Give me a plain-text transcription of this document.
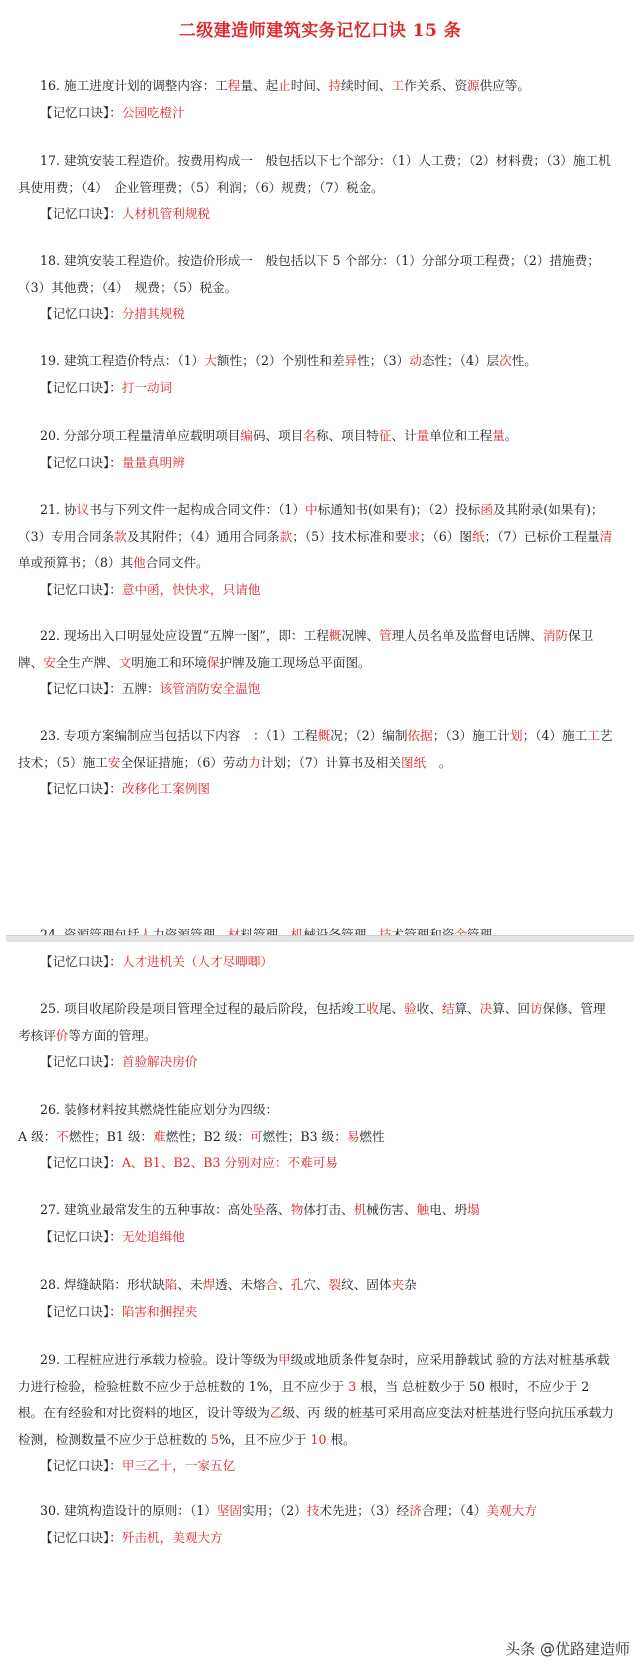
二级建造师建筑实务记忆口诀 15 条

16. 施工进度计划的调整内容：工程量、起止时间、持续时间、工作关系、资源供应等。

【记忆口诀】：公园吃橙汁

17. 建筑安装工程造价。按费用构成一　般包括以下七个部分：（1）人工费；（2）材料费；（3）施工机具使用费；（4）　企业管理费；（5）利润；（6）规费；（7）税金。

【记忆口诀】：人材机管利规税

18. 建筑安装工程造价。按造价形成一　般包括以下 5 个部分：（1）分部分项工程费；（2）措施费；（3）其他费；（4）　规费；（5）税金。

【记忆口诀】：分措其规税

19. 建筑工程造价特点：（1）大额性；（2）个别性和差异性；（3）动态性；（4）层次性。

【记忆口诀】：打一动词

20. 分部分项工程量清单应载明项目编码、项目名称、项目特征、计量单位和工程量。

【记忆口诀】：量量真明辨

21. 协议书与下列文件一起构成合同文件：（1）中标通知书(如果有)；（2）投标函及其附录(如果有)；（3）专用合同条款及其附件；（4）通用合同条款；（5）技术标准和要求；（6）图纸；（7）已标价工程量清单或预算书；（8）其他合同文件。

【记忆口诀】：意中函，快快求，只请他

22. 现场出入口明显处应设置“五牌一图”，即：工程概况牌、管理人员名单及监督电话牌、消防保卫牌、安全生产牌、文明施工和环境保护牌及施工现场总平面图。

【记忆口诀】：五牌：该管消防安全温饱

23. 专项方案编制应当包括以下内容　：（1）工程概况；（2）编制依据；（3）施工计划；（4）施工工艺技术；（5）施工安全保证措施；（6）劳动力计划；（7）计算书及相关图纸　。

【记忆口诀】：改移化工案例图

【记忆口诀】：人才进机关（人才尽唧唧）

25. 项目收尾阶段是项目管理全过程的最后阶段，包括竣工收尾、验收、结算、决算、回访保修、管理考核评价等方面的管理。

【记忆口诀】：首验解决房价

26. 装修材料按其燃烧性能应划分为四级：

A 级：不燃性；B1 级：难燃性；B2 级：可燃性；B3 级：易燃性

【记忆口诀】：A、B1、B2、B3 分别对应：不难可易

27. 建筑业最常发生的五种事故：高处坠落、物体打击、机械伤害、触电、坍塌

【记忆口诀】：无处追缉他

28. 焊缝缺陷：形状缺陷、未焊透、未熔合、孔穴、裂纹、固体夹杂

【记忆口诀】：陷害和捆捏夹

29. 工程桩应进行承载力检验。设计等级为甲级或地质条件复杂时，应采用静载试 验的方法对桩基承载力进行检验，检验桩数不应少于总桩数的 1%，且不应少于 3 根，当 总桩数少于 50 根时，不应少于 2 根。在有经验和对比资料的地区，设计等级为乙级、丙 级的桩基可采用高应变法对桩基进行竖向抗压承载力检测，检测数量不应少于总桩数的 5%，且不应少于 10 根。

【记忆口诀】：甲三乙十，一家五亿

30. 建筑构造设计的原则：（1）坚固实用；（2）技术先进；（3）经济合理；（4）美观大方

【记忆口诀】：歼击机，美观大方

头条 @优路建造师
